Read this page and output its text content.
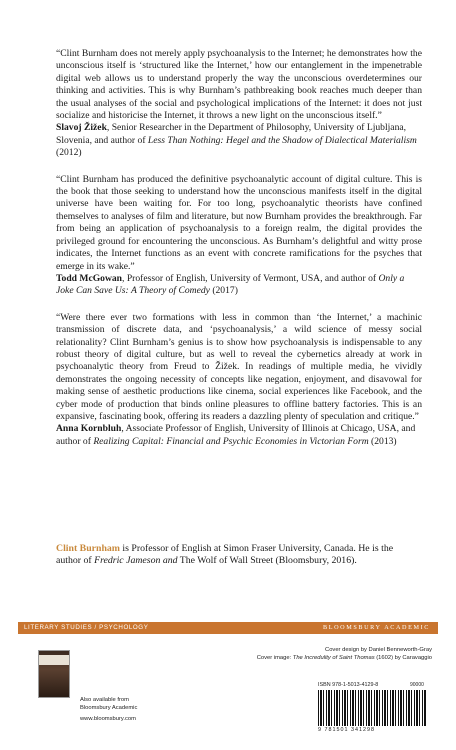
“Clint Burnham does not merely apply psychoanalysis to the Internet; he demonstrates how the unconscious itself is ‘structured like the Internet,’ how our entanglement in the impenetrable digital web allows us to understand properly the way the unconscious overdetermines our thinking and activities. This is why Burnham’s pathbreaking book reaches much deeper than the usual analyses of the social and psychological implications of the Internet: it does not just socialize and historicise the Internet, it throws a new light on the unconscious itself.”

Slavoj Žižek, Senior Researcher in the Department of Philosophy, University of Ljubljana, Slovenia, and author of Less Than Nothing: Hegel and the Shadow of Dialectical Materialism (2012)

“Clint Burnham has produced the definitive psychoanalytic account of digital culture. This is the book that those seeking to understand how the unconscious manifests itself in the digital universe have been waiting for. For too long, psychoanalytic theorists have confined themselves to analyses of film and literature, but now Burnham provides the breakthrough. Far from being an application of psychoanalysis to a foreign realm, the digital provides the privileged ground for encountering the unconscious. As Burnham’s delightful and witty prose indicates, the Internet functions as an event with concrete ramifications for the psyches that emerge in its wake.”

Todd McGowan, Professor of English, University of Vermont, USA, and author of Only a Joke Can Save Us: A Theory of Comedy (2017)

“Were there ever two formations with less in common than ‘the Internet,’ a machinic transmission of discrete data, and ‘psychoanalysis,’ a wild science of messy social relationality? Clint Burnham’s genius is to show how psychoanalysis is indispensable to any robust theory of digital culture, but as well to reveal the cybernetics already at work in psychoanalytic theory from Freud to Žižek. In readings of multiple media, he vividly demonstrates the ongoing necessity of concepts like negation, enjoyment, and disavowal for making sense of aesthetic productions like cinema, social experiences like Facebook, and the cyber mode of production that binds online pleasures to offline battery factories. This is an expansive, fascinating book, offering its readers a dazzling plenty of speculation and critique.”

Anna Kornbluh, Associate Professor of English, University of Illinois at Chicago, USA, and author of Realizing Capital: Financial and Psychic Economies in Victorian Form (2013)

Clint Burnham is Professor of English at Simon Fraser University, Canada. He is the author of Fredric Jameson and The Wolf of Wall Street (Bloomsbury, 2016).

LITERARY STUDIES / PSYCHOLOGY	BLOOMSBURY ACADEMIC
Also available from
Bloomsbury Academic
www.bloomsbury.com
Cover design by Daniel Benneworth-Gray
Cover image: The Incredulity of Saint Thomas (1602) by Caravaggio
ISBN 978-1-5013-4129-8	90000
9 781501 341298
